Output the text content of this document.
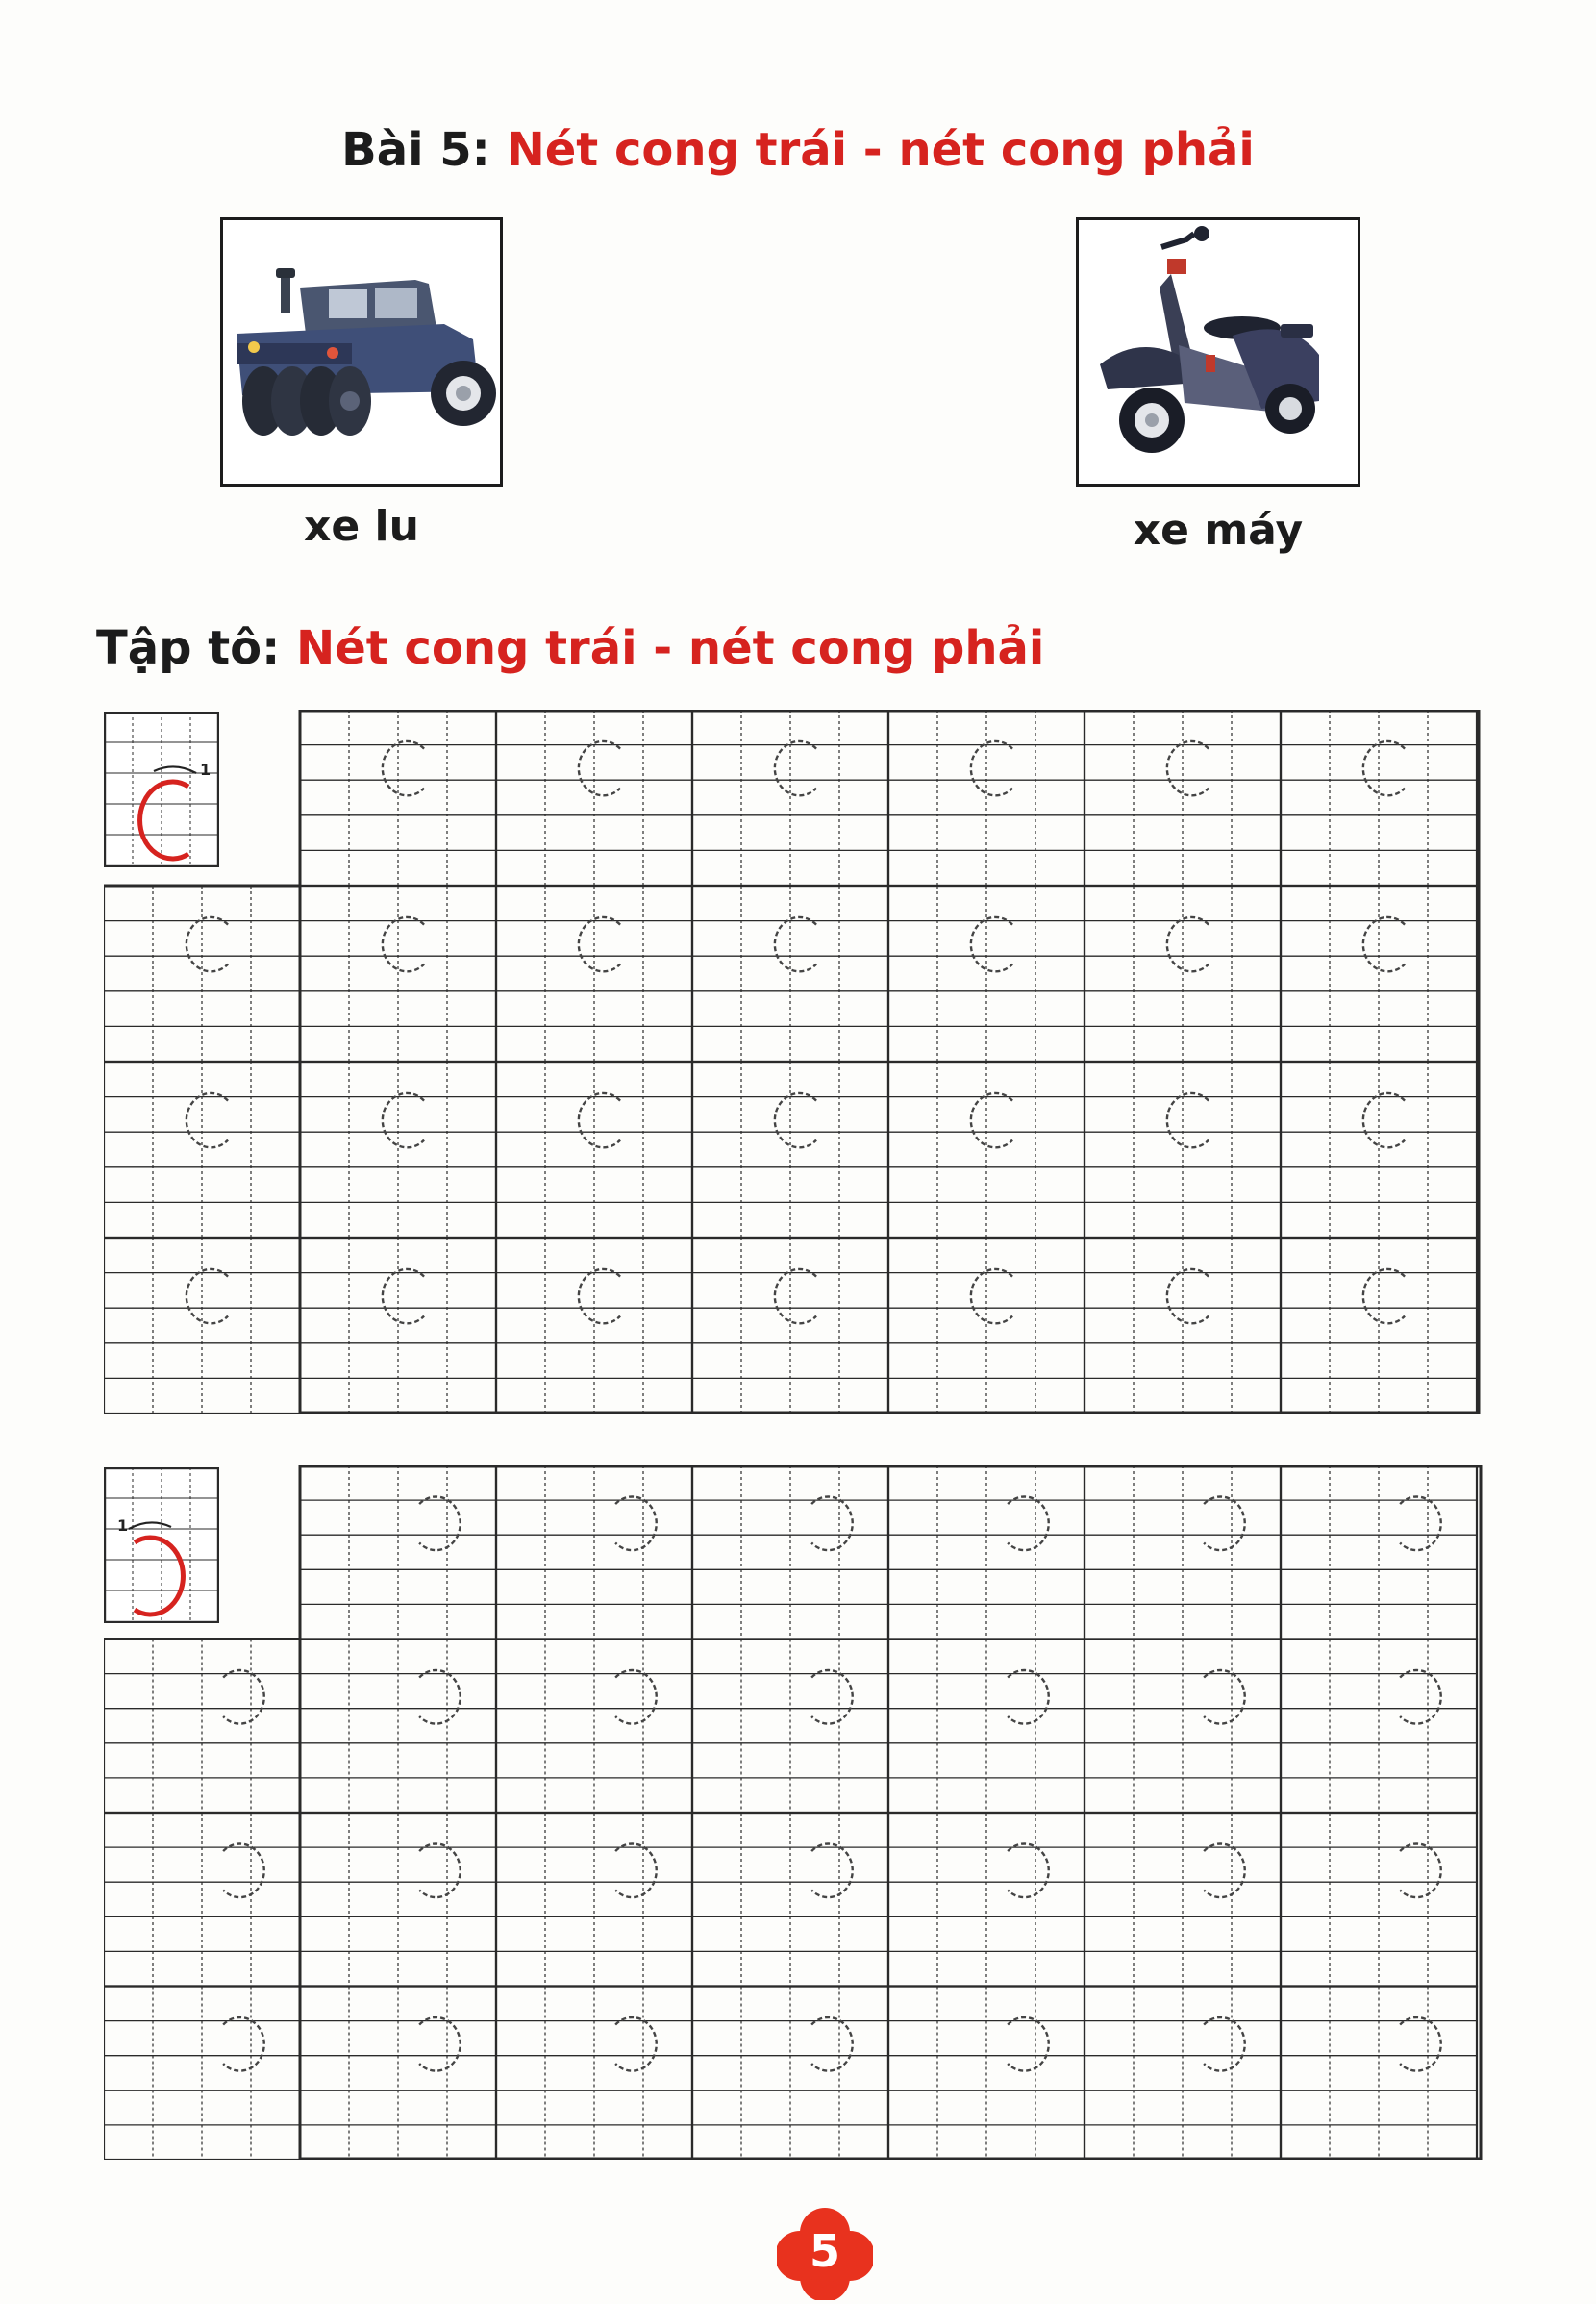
Bài 5: Nét cong trái - nét cong phải
xe lu	xe máy
Tập tô: Nét cong trái - nét cong phải
1
1
5
